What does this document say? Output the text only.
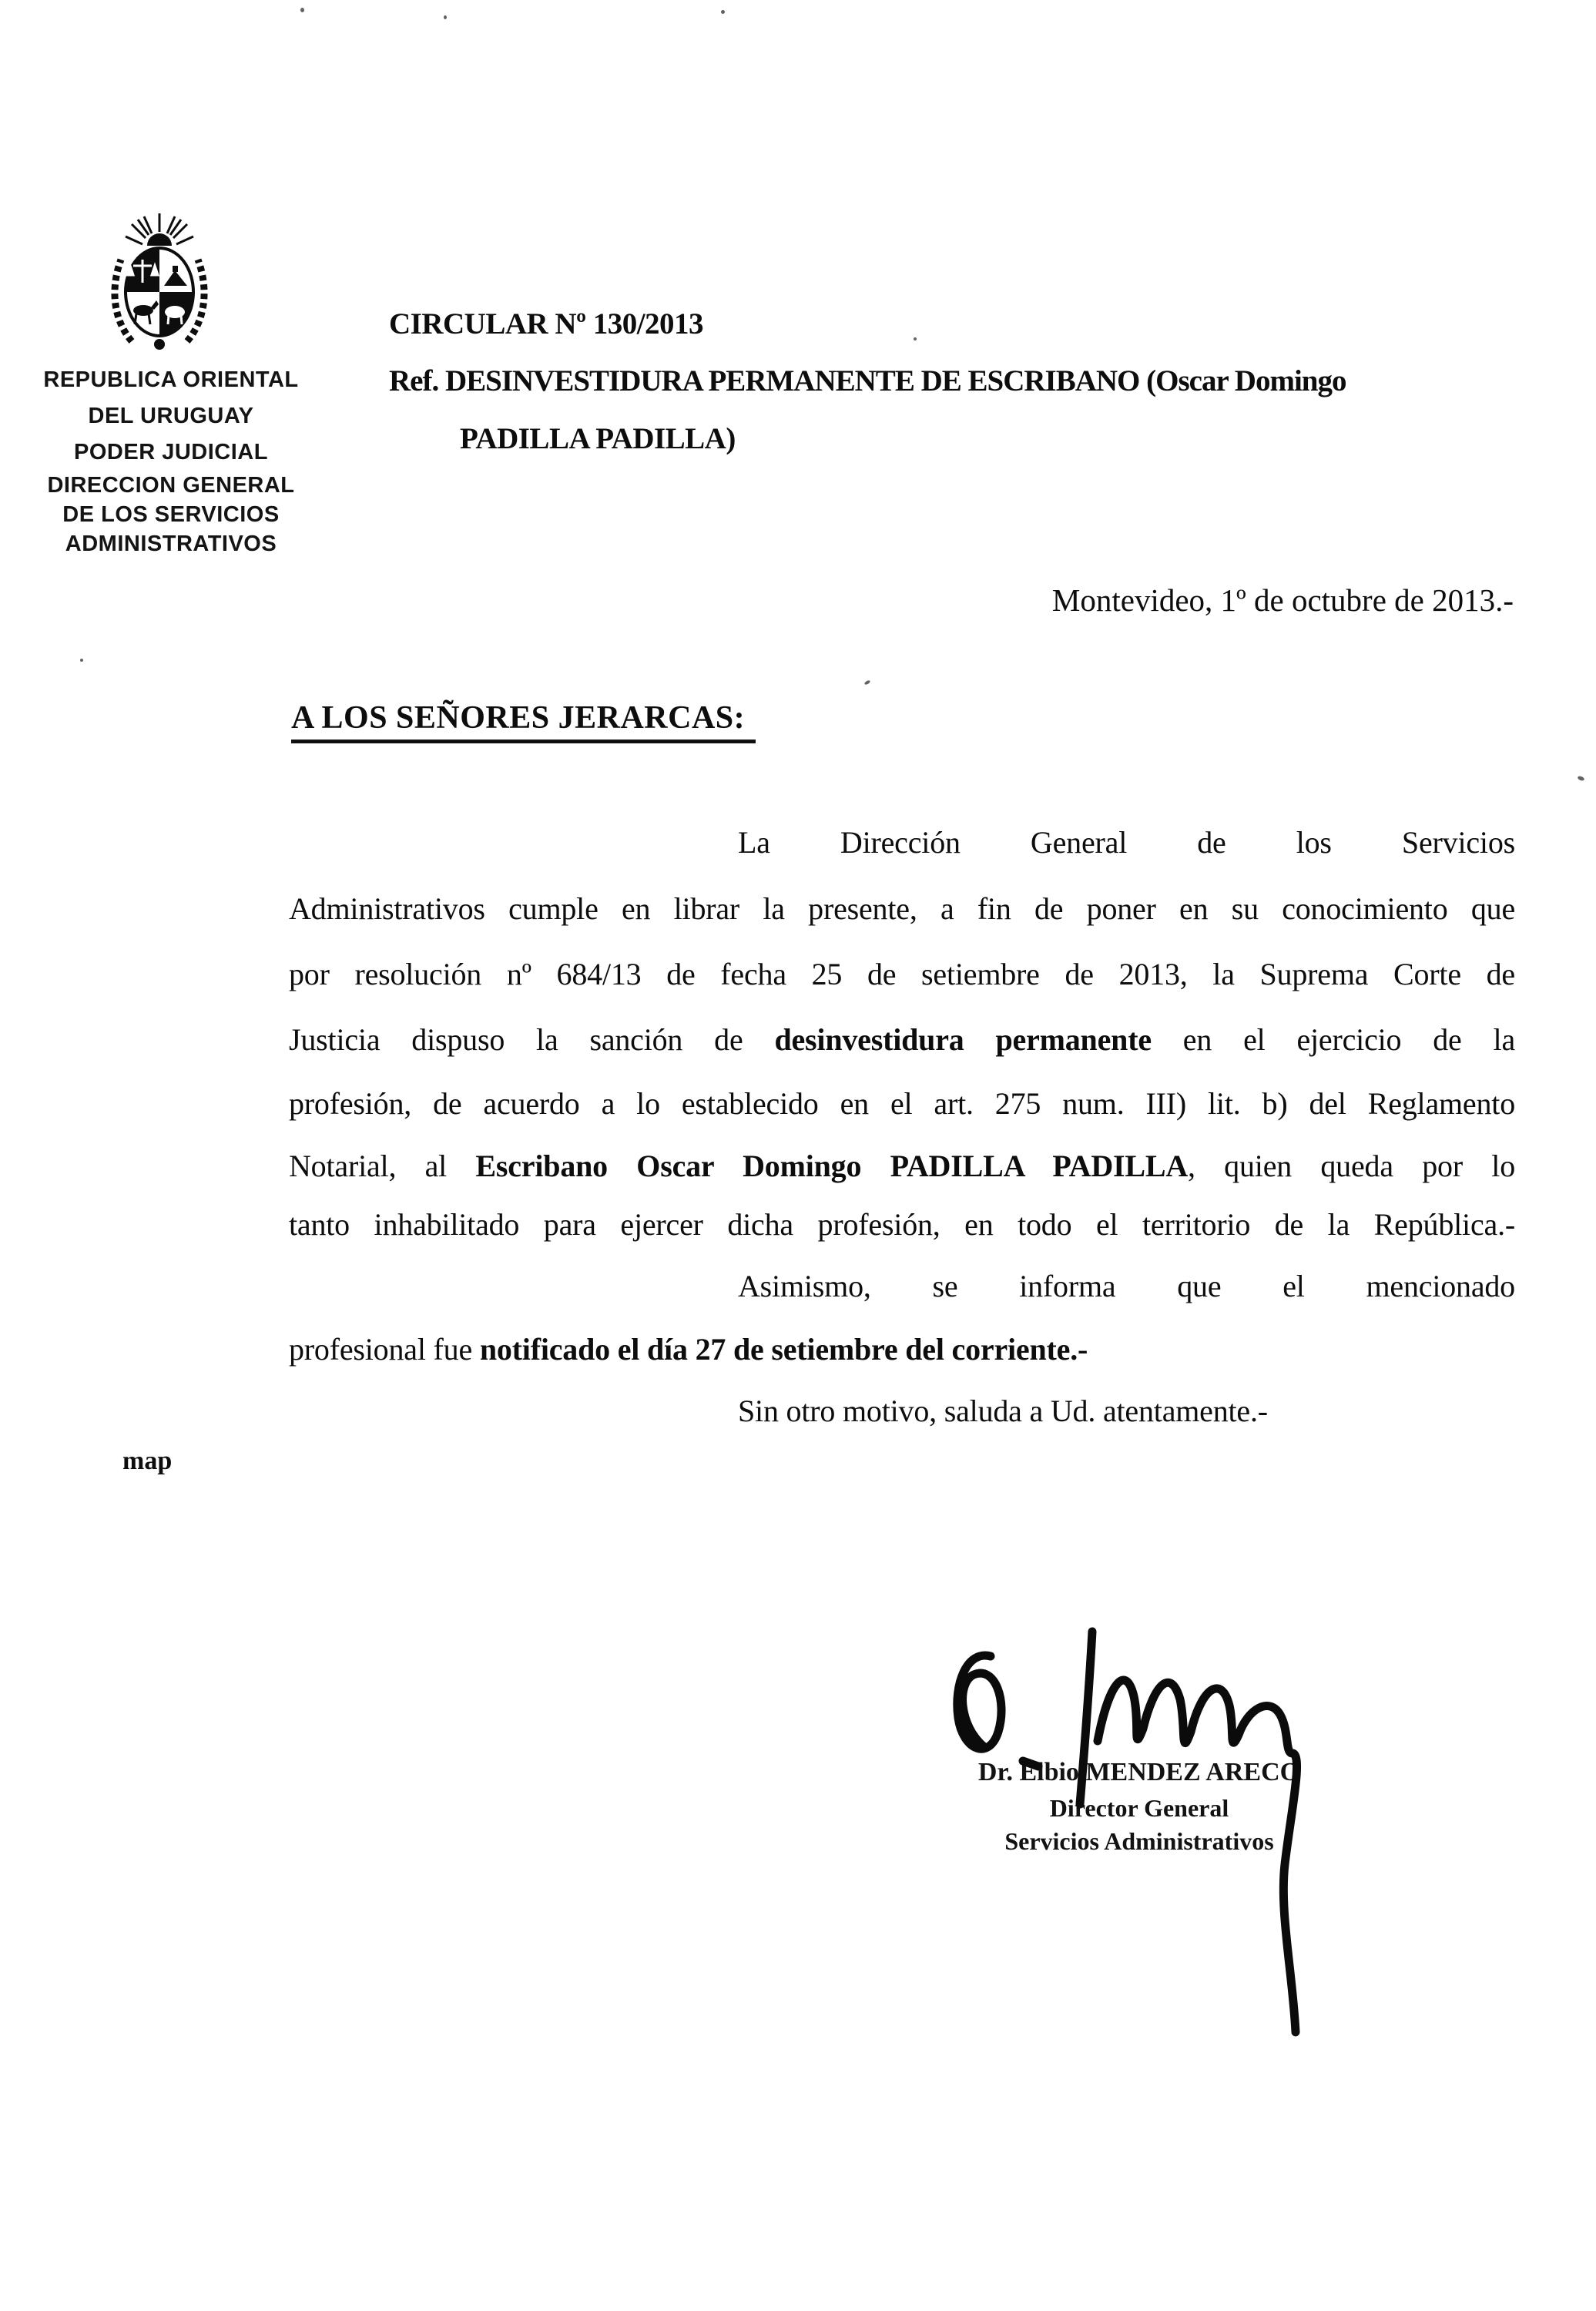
REPUBLICA ORIENTAL
DEL URUGUAY
PODER JUDICIAL
DIRECCION GENERAL
DE LOS SERVICIOS
ADMINISTRATIVOS
CIRCULAR Nº 130/2013
Ref. DESINVESTIDURA PERMANENTE DE ESCRIBANO (Oscar Domingo
PADILLA PADILLA)
Montevideo, 1º de octubre de 2013.-
A LOS SEÑORES JERARCAS:
La Dirección General de los Servicios
Administrativos cumple en librar la presente, a fin de poner en su conocimiento que
por resolución nº 684/13 de fecha 25 de setiembre de 2013, la Suprema Corte de
Justicia dispuso la sanción de desinvestidura permanente en el ejercicio de la
profesión, de acuerdo a lo establecido en el art. 275 num. III) lit. b) del Reglamento
Notarial, al Escribano Oscar Domingo PADILLA PADILLA, quien queda por lo
tanto inhabilitado para ejercer dicha profesión, en todo el territorio de la República.-
Asimismo, se informa que el mencionado
profesional fue notificado el día 27 de setiembre del corriente.-
Sin otro motivo, saluda a Ud. atentamente.-
map
Dr. Elbio MENDEZ ARECO
Director General
Servicios Administrativos
